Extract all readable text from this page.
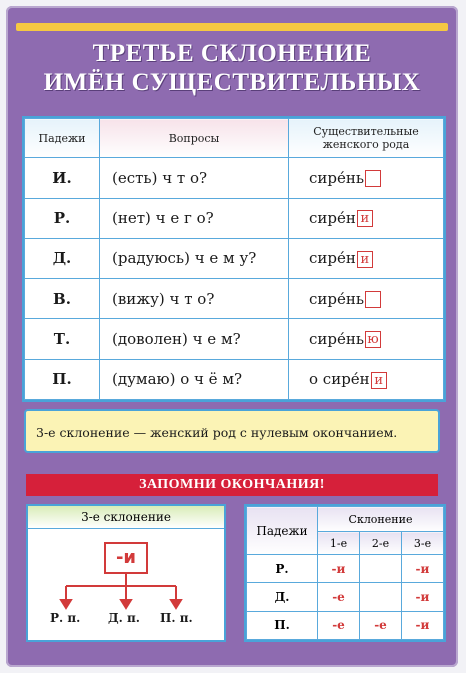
ТРЕТЬЕ СКЛОНЕНИЕ
ИМЁН СУЩЕСТВИТЕЛЬНЫХ
Падежи	Вопросы	Существительные
женского рода

И.	(есть) ч т о?	сире́нь
Р.	(нет) ч е г о?	сире́н и
Д.	(радуюсь) ч е м у?	сире́н и
В.	(вижу) ч т о?	сире́нь
Т.	(доволен) ч е м?	сире́нь ю
П.	(думаю) о ч ё м?	о сире́н и
3-е склонение — женский род с нулевым окончанием.
ЗАПОМНИ ОКОНЧАНИЯ!
3-е склонение
-и
Р. п. Д. п. П. п.
Падежи	Склонение		
	1-е	2-е	3-е
Р.	-и		-и
Д.	-е		-и
П.	-е	-е	-и
